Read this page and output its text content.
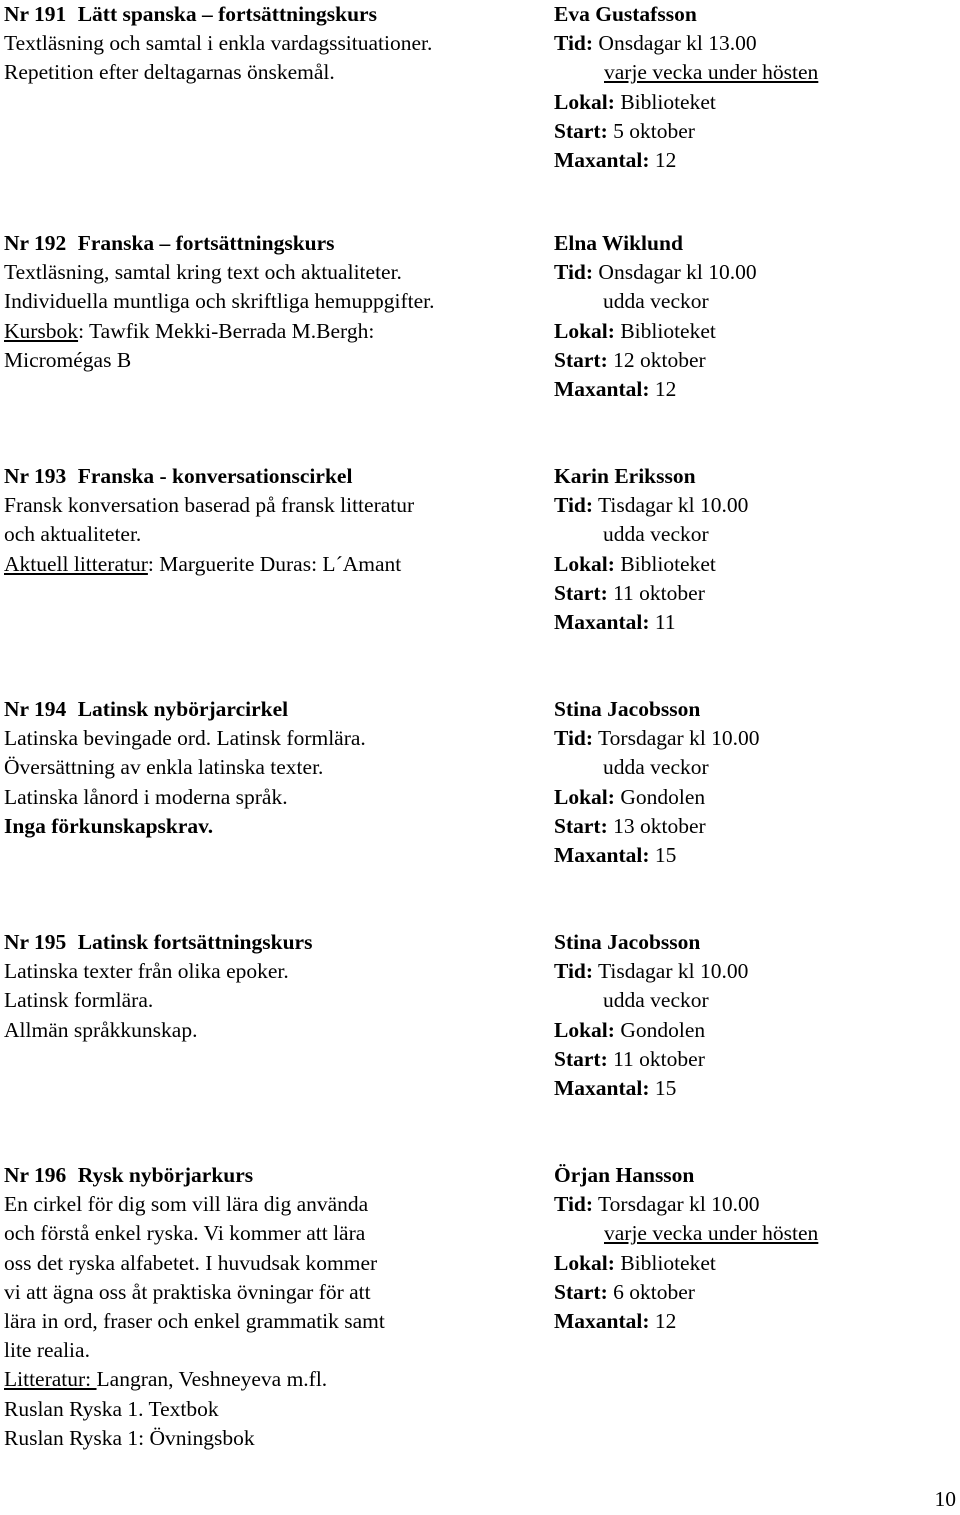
Nr 191 Lätt spanska – fortsättningskurs
Textläsning och samtal i enkla vardagssituationer.
Repetition efter deltagarnas önskemål.
Eva Gustafsson
Tid: Onsdagar kl 13.00
varje vecka under hösten
Lokal: Biblioteket
Start: 5 oktober
Maxantal: 12
Nr 192 Franska – fortsättningskurs
Textläsning, samtal kring text och aktualiteter.
Individuella muntliga och skriftliga hemuppgifter.
Kursbok: Tawfik Mekki-Berrada M.Bergh:
Micromégas B
Elna Wiklund
Tid: Onsdagar kl 10.00
udda veckor
Lokal: Biblioteket
Start: 12 oktober
Maxantal: 12
Nr 193 Franska - konversationscirkel
Fransk konversation baserad på fransk litteratur
och aktualiteter.
Aktuell litteratur: Marguerite Duras: L´Amant
Karin Eriksson
Tid: Tisdagar kl 10.00
udda veckor
Lokal: Biblioteket
Start: 11 oktober
Maxantal: 11
Nr 194 Latinsk nybörjarcirkel
Latinska bevingade ord. Latinsk formlära.
Översättning av enkla latinska texter.
Latinska lånord i moderna språk.
Inga förkunskapskrav.
Stina Jacobsson
Tid: Torsdagar kl 10.00
udda veckor
Lokal: Gondolen
Start: 13 oktober
Maxantal: 15
Nr 195 Latinsk fortsättningskurs
Latinska texter från olika epoker.
Latinsk formlära.
Allmän språkkunskap.
Stina Jacobsson
Tid: Tisdagar kl 10.00
udda veckor
Lokal: Gondolen
Start: 11 oktober
Maxantal: 15
Nr 196 Rysk nybörjarkurs
En cirkel för dig som vill lära dig använda
och förstå enkel ryska. Vi kommer att lära
oss det ryska alfabetet. I huvudsak kommer
vi att ägna oss åt praktiska övningar för att
lära in ord, fraser och enkel grammatik samt
lite realia.
Litteratur: Langran, Veshneyeva m.fl.
Ruslan Ryska 1. Textbok
Ruslan Ryska 1: Övningsbok
Örjan Hansson
Tid: Torsdagar kl 10.00
varje vecka under hösten
Lokal: Biblioteket
Start: 6 oktober
Maxantal: 12
10
